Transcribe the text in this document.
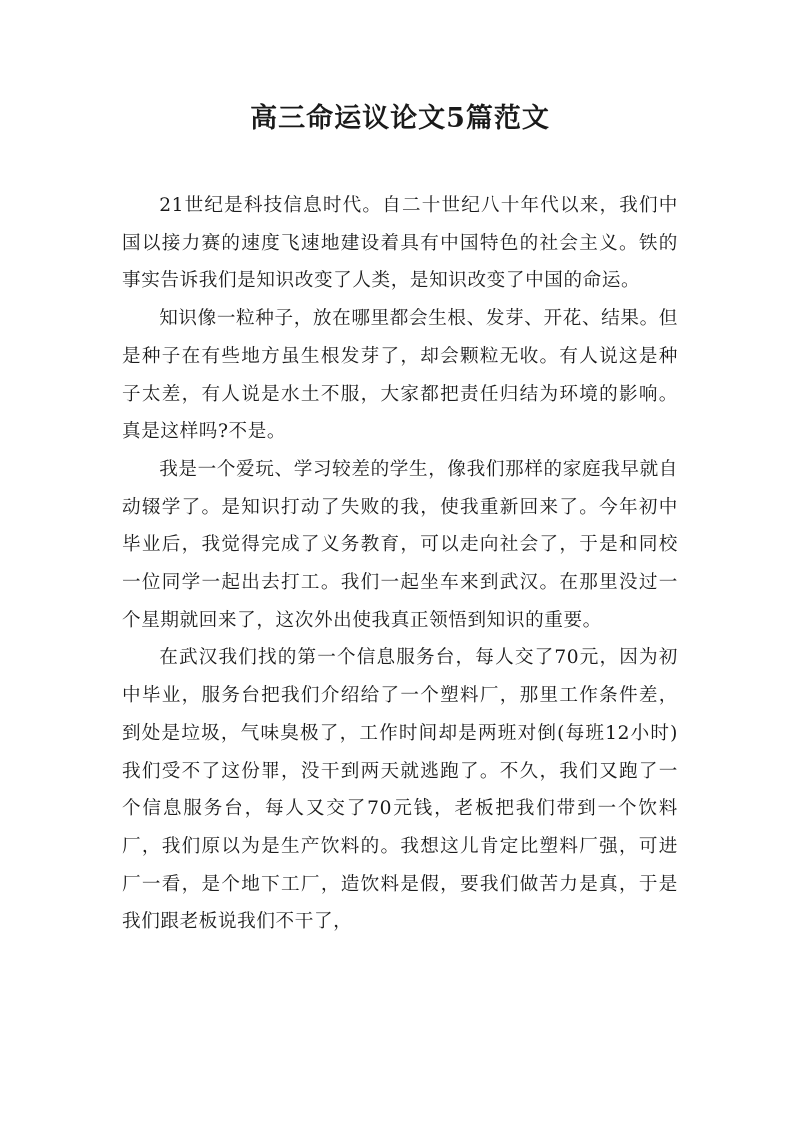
高三命运议论文5篇范文

21世纪是科技信息时代。自二十世纪八十年代以来，我们中国以接力赛的速度飞速地建设着具有中国特色的社会主义。铁的事实告诉我们是知识改变了人类，是知识改变了中国的命运。

知识像一粒种子，放在哪里都会生根、发芽、开花、结果。但是种子在有些地方虽生根发芽了，却会颗粒无收。有人说这是种子太差，有人说是水土不服，大家都把责任归结为环境的影响。真是这样吗?不是。

我是一个爱玩、学习较差的学生，像我们那样的家庭我早就自动辍学了。是知识打动了失败的我，使我重新回来了。今年初中毕业后，我觉得完成了义务教育，可以走向社会了，于是和同校一位同学一起出去打工。我们一起坐车来到武汉。在那里没过一个星期就回来了，这次外出使我真正领悟到知识的重要。

在武汉我们找的第一个信息服务台，每人交了70元，因为初中毕业，服务台把我们介绍给了一个塑料厂，那里工作条件差，到处是垃圾，气味臭极了，工作时间却是两班对倒(每班12小时)我们受不了这份罪，没干到两天就逃跑了。不久，我们又跑了一个信息服务台，每人又交了70元钱，老板把我们带到一个饮料厂，我们原以为是生产饮料的。我想这儿肯定比塑料厂强，可进厂一看，是个地下工厂，造饮料是假，要我们做苦力是真，于是我们跟老板说我们不干了，
